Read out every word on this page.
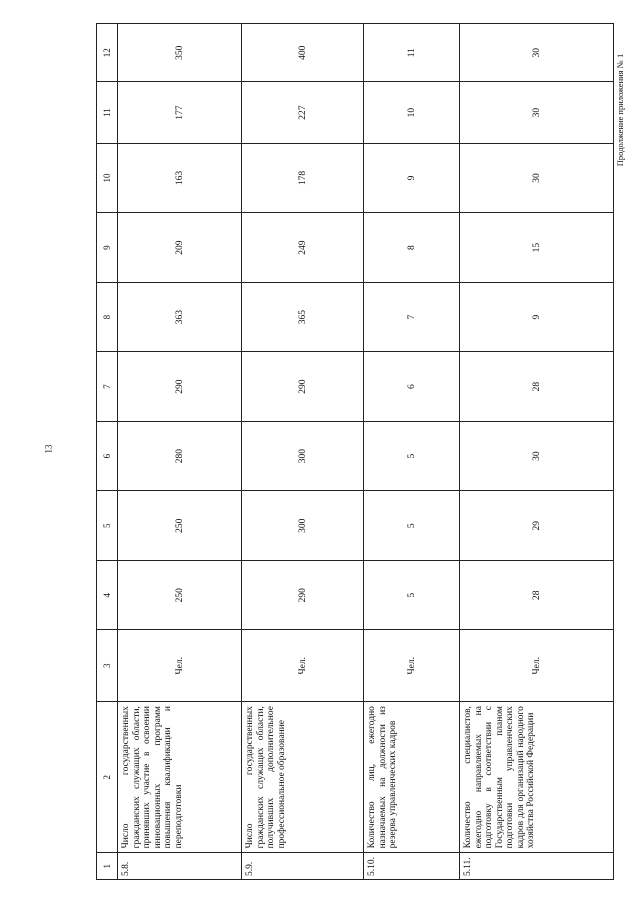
13
Продолжение приложения № 1
1	2	3	4	5	6	7	8	9	10	11	12
5.8.	Число государственных гражданских служащих области, принявших участие в освоении инновационных программ повышения квалификации и переподготовки	Чел.	250	250	280	290	363	209	163	177	350
5.9.	Число государственных гражданских служащих области, получивших дополнительное профессиональное образование	Чел.	290	300	300	290	365	249	178	227	400
5.10.	Количество лиц, ежегодно назначаемых на должности из резерва управленческих кадров	Чел.	5	5	5	6	7	8	9	10	11
5.11.	Количество специалистов, ежегодно направляемых на подготовку в соответствии с Государственным планом подготовки управленческих кадров для организаций народного хозяйства Российской Федерации	Чел.	28	29	30	28	9	15	30	30	30
